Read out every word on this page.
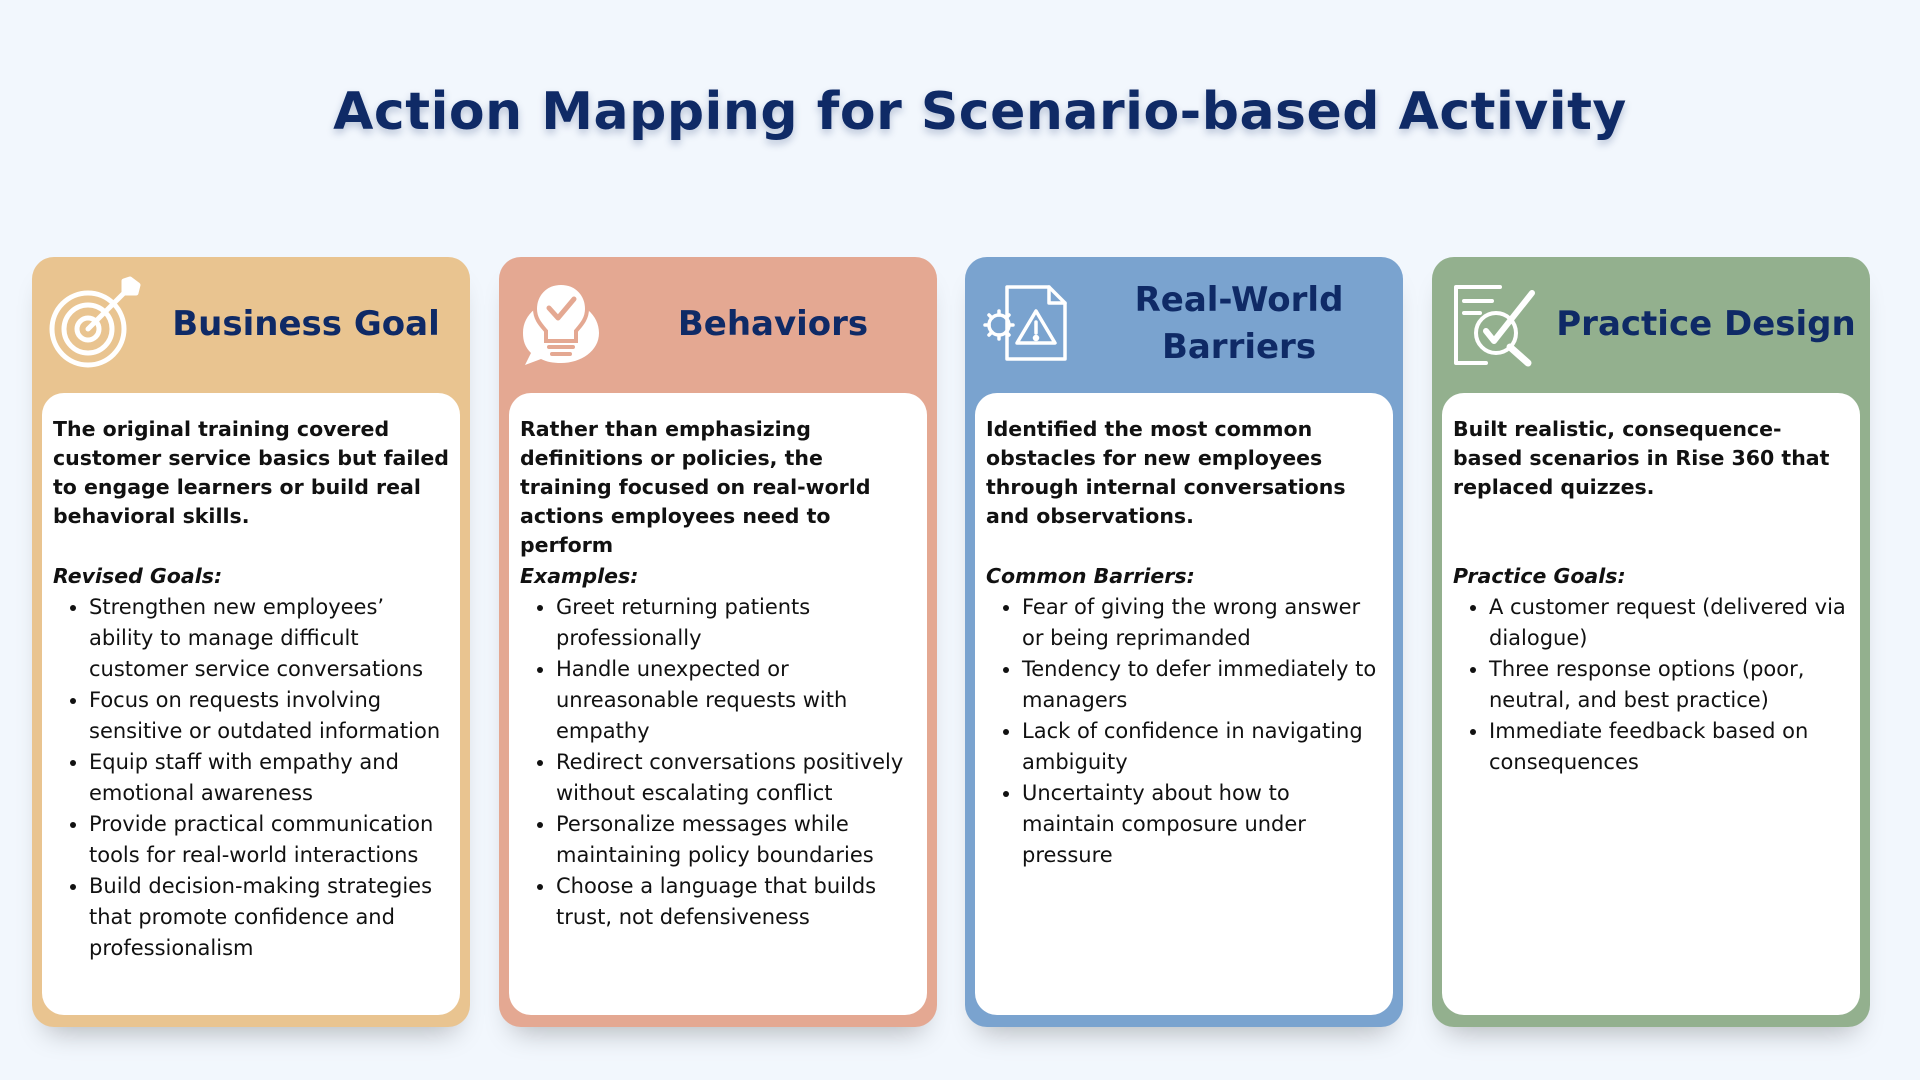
Action Mapping for Scenario-based Activity
Business Goal

The original training covered customer service basics but failed to engage learners or build real behavioral skills.

Revised Goals:

• Strengthen new employees’ ability to manage difficult customer service conversations
• Focus on requests involving sensitive or outdated information
• Equip staff with empathy and emotional awareness
• Provide practical communication tools for real-world interactions
• Build decision-making strategies that promote confidence and professionalism
Behaviors

Rather than emphasizing definitions or policies, the training focused on real-world actions employees need to perform

Examples:

• Greet returning patients professionally
• Handle unexpected or unreasonable requests with empathy
• Redirect conversations positively without escalating conflict
• Personalize messages while maintaining policy boundaries
• Choose a language that builds trust, not defensiveness
Real-World Barriers

Identified the most common obstacles for new employees through internal conversations and observations.

Common Barriers:

• Fear of giving the wrong answer or being reprimanded
• Tendency to defer immediately to managers
• Lack of confidence in navigating ambiguity
• Uncertainty about how to maintain composure under pressure
Practice Design

Built realistic, consequence-based scenarios in Rise 360 that replaced quizzes.

Practice Goals:

• A customer request (delivered via dialogue)
• Three response options (poor, neutral, and best practice)
• Immediate feedback based on consequences
